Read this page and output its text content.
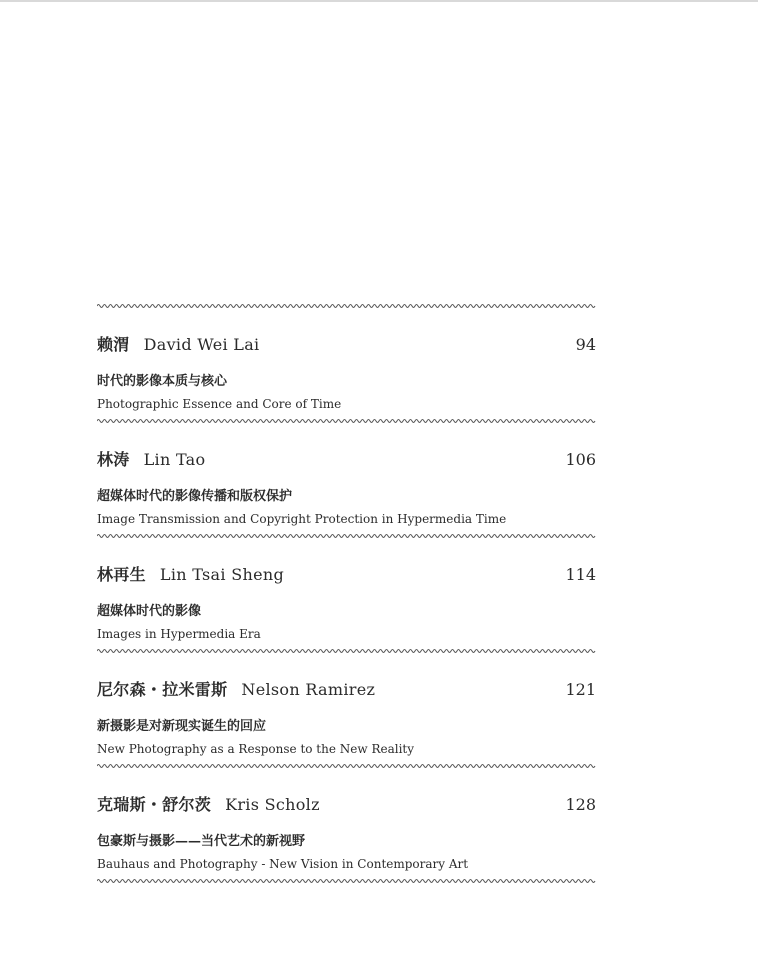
赖渭 David Wei Lai	94
时代的影像本质与核心
Photographic Essence and Core of Time
林涛 Lin Tao	106
超媒体时代的影像传播和版权保护
Image Transmission and Copyright Protection in Hypermedia Time
林再生 Lin Tsai Sheng	114
超媒体时代的影像
Images in Hypermedia Era
尼尔森・拉米雷斯 Nelson Ramirez	121
新摄影是对新现实诞生的回应
New Photography as a Response to the New Reality
克瑞斯・舒尔茨 Kris Scholz	128
包豪斯与摄影——当代艺术的新视野
Bauhaus and Photography - New Vision in Contemporary Art
